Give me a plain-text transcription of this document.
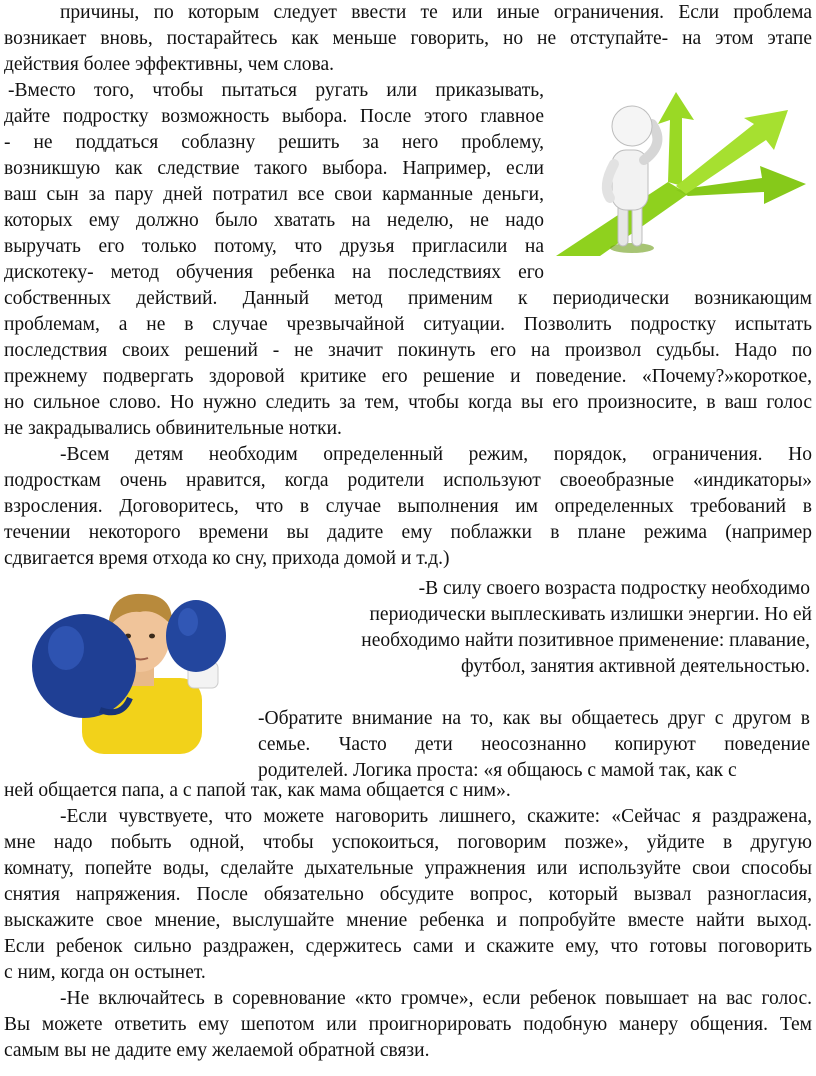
причины, по которым следует ввести те или иные ограничения. Если проблема
возникает вновь, постарайтесь как меньше говорить, но не отступайте- на этом этапе
действия более эффективны, чем слова.
-Вместо того, чтобы пытаться ругать или приказывать,
дайте подростку возможность выбора. После этого главное
- не поддаться соблазну решить за него проблему,
возникшую как следствие такого выбора. Например, если
ваш сын за пару дней потратил все свои карманные деньги,
которых ему должно было хватать на неделю, не надо
выручать его только потому, что друзья пригласили на
дискотеку- метод обучения ребенка на последствиях его
собственных действий. Данный метод применим к периодически возникающим
проблемам, а не в случае чрезвычайной ситуации. Позволить подростку испытать
последствия своих решений - не значит покинуть его на произвол судьбы. Надо по
прежнему подвергать здоровой критике его решение и поведение. «Почему?»короткое,
но сильное слово. Но нужно следить за тем, чтобы когда вы его произносите, в ваш голос
не закрадывались обвинительные нотки.
-Всем детям необходим определенный режим, порядок, ограничения. Но
подросткам очень нравится, когда родители используют своеобразные «индикаторы»
взросления. Договоритесь, что в случае выполнения им определенных требований в
течении некоторого времени вы дадите ему поблажки в плане режима (например
сдвигается время отхода ко сну, прихода домой и т.д.)
-В силу своего возраста подростку необходимо
периодически выплескивать излишки энергии. Но ей
необходимо найти позитивное применение: плавание,
футбол, занятия активной деятельностью.
-Обратите внимание на то, как вы общаетесь друг с другом в
семье. Часто дети неосознанно копируют поведение
родителей. Логика проста: «я общаюсь с мамой так, как с
ней общается папа, а с папой так, как мама общается с ним».
-Если чувствуете, что можете наговорить лишнего, скажите: «Сейчас я раздражена,
мне надо побыть одной, чтобы успокоиться, поговорим позже», уйдите в другую
комнату, попейте воды, сделайте дыхательные упражнения или используйте свои способы
снятия напряжения. После обязательно обсудите вопрос, который вызвал разногласия,
выскажите свое мнение, выслушайте мнение ребенка и попробуйте вместе найти выход.
Если ребенок сильно раздражен, сдержитесь сами и скажите ему, что готовы поговорить
с ним, когда он остынет.
-Не включайтесь в соревнование «кто громче», если ребенок повышает на вас голос.
Вы можете ответить ему шепотом или проигнорировать подобную манеру общения. Тем
самым вы не дадите ему желаемой обратной связи.
